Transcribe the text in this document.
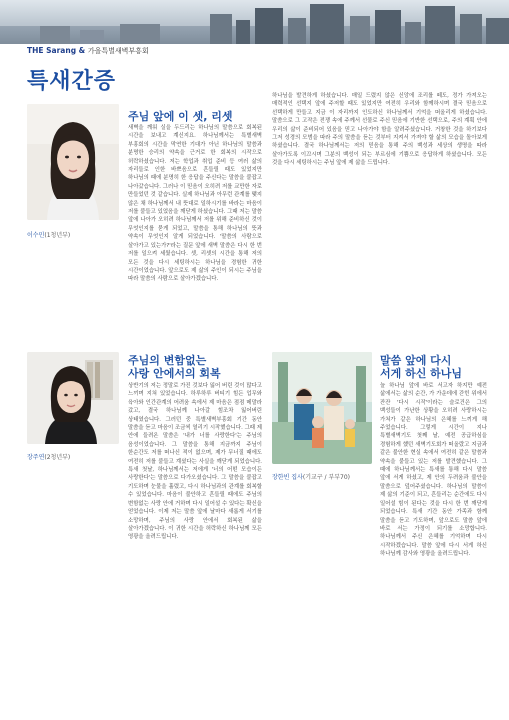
THE Sarang & 가을특별새벽부흥회
특새간증
이수민(1청년부)
주님 앞에 이 셋, 리셋
새벽을 깨워 실을 두드리는 하나님의 말씀으로 회복된 시간을 보내고 계신지요. 하나님께서는 특별새벽 부흥회의 시간을 막연한 기대가 아닌 하나님의 말씀과 분명한 승리의 약속을 근거로 한 회복의 시작으로 허락하셨습니다. 저는 학업과 취업 준비 등 여러 삶의 자리들로 인한 바쁘음으로 흔들릴 때도 있었지만 하나님의 때에 분명히 한 응답을 주신다는 말씀을 붙잡고 나아갔습니다. 그러나 이 믿음이 오히려 저를 교만한 자로 만들었던 것 같습니다. 실제 하나님과 아무런 관계를 맺지 않은 채 하나님께서 내 뜻대로 일하시기를 바라는 마음이 저를 붙들고 있었음을 깨닫게 하셨습니다. 그때 저는 말씀 앞에 나아가 오히려 하나님께서 저를 위해 준비하신 것이 무엇인지를 묻게 되었고, 말씀을 통해 하나님의 뜻과 약속이 무엇인지 알게 되었습니다. '말씀의 사람으로 살아가고 있는가?'라는 질문 앞에 새벽 말씀은 다시 한 번 저를 일으켜 세웠습니다. 셋, 리셋의 시간을 통해 저의 모든 것을 다시 세팅하시는 하나님을 경험한 귀한 시간이었습니다. 앞으로도 제 삶의 주인이 되시는 주님을 따라 말씀의 사람으로 살아가겠습니다.
하나님을 발견하게 하셨습니다. 매일 드렸지 않은 신앙에 조리를 떼도, 정가 가져오는 매력적인 선택지 앞에 주저할 때도 있었지만 여전히 우리와 함께하시며 결국 믿음으로 선택하게 만들고 지금 이 자리까지 인도하신 하나님께서 기억을 떠올리게 하셨습니다. 말씀으로 그 고작은 전쟁 속에 주께서 선물로 주신 믿음에 기반한 선택으로, 주의 계획 안에 우리의 삶이 준비되어 있음을 믿고 나아가야 함을 알려주셨습니다. 거창한 것을 하기보다 그저 성경의 모범을 따라 주의 말씀을 듣는 것부터 지켜서 가져야 할 삶의 모습을 돌아보게 하셨습니다. 결국 하나님께서는 저의 믿음을 통해 주의 백성과 세상의 생명을 따라 살아가도록 이끄시며 그분의 백성이 되는 부르심에 기쁨으로 응답하게 하셨습니다. 모든 것을 다시 세팅하시는 주님 앞에 제 삶을 드립니다.
장주연(2청년부)
주님의 변함없는
사랑 안에서의 회복
상반기의 저는 정말로 가진 것보다 잃어 버린 것이 많다고 느끼며 지쳐 있었습니다. 하루하루 버티기 힘든 업무와 육아와 인간관계의 어려움 속에서 제 마음은 점점 메말라 갔고, 결국 하나님께 나아갈 힘조차 잃어버린 상태였습니다. 그러던 중 특별새벽부흥회 기간 동안 말씀을 듣고 마음이 조금씩 열리기 시작했습니다. 그때 제 안에 들려온 말씀은 '내가 너를 사랑한다'는 주님의 음성이었습니다. 그 말씀을 통해 지금까지 주님이 한순간도 저를 떠나신 적이 없으며, 제가 무너질 때에도 여전히 저를 붙들고 계셨다는 사실을 깨닫게 되었습니다. 특새 첫날, 하나님께서는 저에게 '너의 어떤 모습이든 사랑한다'는 말씀으로 다가오셨습니다. 그 말씀을 붙잡고 기도하며 눈물을 흘렸고, 다시 하나님과의 관계를 회복할 수 있었습니다. 마음이 불안하고 흔들릴 때에도 주님의 변함없는 사랑 안에 거하며 다시 일어설 수 있다는 확신을 얻었습니다. 이제 저는 말씀 앞에 날마다 새롭게 서기를 소망하며, 주님의 사랑 안에서 회복된 삶을 살아가겠습니다. 이 귀한 시간을 허락하신 하나님께 모든 영광을 올려드립니다.
장한빈 집사(기교구 / 부부70)
말씀 앞에 다시
서게 하신 하나님
늘 하나님 앞에 바로 서고자 하지만 예전 삶에서는 삶의 순간, 가 가운데에 갇힌 위에서 잔잔 '다시 시작'이라는 슬로건은 그의 백성들이 가난한 상황을 오히려 사랑하시는 가쳐가 같은 하나님의 은혜를 느끼게 해 주었습니다. 그렇게 시간이 지나 특별새벽기도 첫째 날, 예전 공급하심을 경험하게 했던 새벽기도회가 떠올랐고 지금과 같은 불안한 현실 속에서 여전히 같은 말씀과 약속을 붙들고 있는 저를 발견했습니다. 그 때에 하나님께서는 특새를 통해 다시 말씀 앞에 서게 하셨고, 제 안의 두려움과 불안을 말씀으로 덮어주셨습니다. 하나님의 말씀이 제 삶의 기준이 되고, 흔들리는 순간에도 다시 일어설 힘이 된다는 것을 다시 한 번 깨닫게 되었습니다. 특새 기간 동안 가족과 함께 말씀을 듣고 기도하며, 앞으로도 말씀 앞에 바로 서는 가정이 되기를 소망합니다. 하나님께서 주신 은혜를 기억하며 다시 시작하겠습니다. 말씀 앞에 다시 서게 하신 하나님께 감사와 영광을 올려드립니다.
